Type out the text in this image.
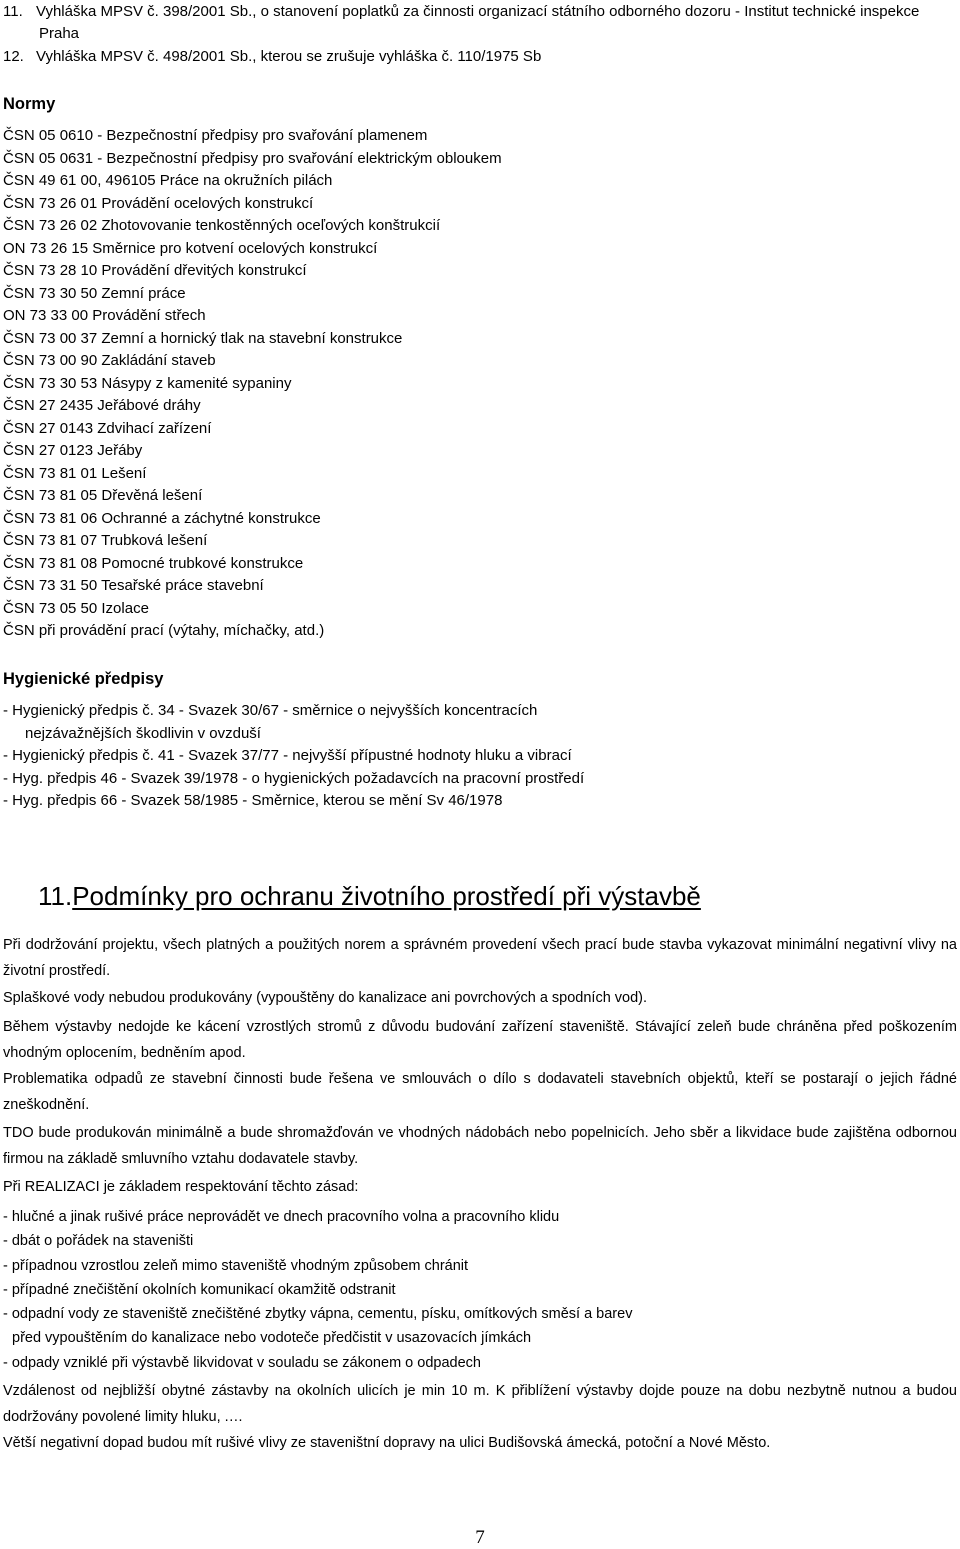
11. Vyhláška MPSV č. 398/2001 Sb., o stanovení poplatků za činnosti organizací státního odborného dozoru - Institut technické inspekce
Praha
12. Vyhláška MPSV č. 498/2001 Sb., kterou se zrušuje vyhláška č. 110/1975 Sb
Normy
ČSN 05 0610 - Bezpečnostní předpisy pro svařování plamenem
ČSN 05 0631 - Bezpečnostní předpisy pro svařování elektrickým obloukem
ČSN 49 61 00, 496105 Práce na okružních pilách
ČSN 73 26 01 Provádění ocelových konstrukcí
ČSN 73 26 02 Zhotovovanie tenkostěnných oceľových konštrukcií
ON 73 26 15 Směrnice pro kotvení ocelových konstrukcí
ČSN 73 28 10 Provádění dřevitých konstrukcí
ČSN 73 30 50 Zemní práce
ON 73 33 00 Provádění střech
ČSN 73 00 37 Zemní a hornický tlak na stavební konstrukce
ČSN 73 00 90 Zakládání staveb
ČSN 73 30 53 Násypy z kamenité sypaniny
ČSN 27 2435 Jeřábové dráhy
ČSN 27 0143 Zdvihací zařízení
ČSN 27 0123 Jeřáby
ČSN 73 81 01 Lešení
ČSN 73 81 05 Dřevěná lešení
ČSN 73 81 06 Ochranné a záchytné konstrukce
ČSN 73 81 07 Trubková lešení
ČSN 73 81 08 Pomocné trubkové konstrukce
ČSN 73 31 50 Tesařské práce stavební
ČSN 73 05 50 Izolace
ČSN při provádění prací (výtahy, míchačky, atd.)
Hygienické předpisy
- Hygienický předpis č. 34 - Svazek 30/67 - směrnice o nejvyšších koncentracích
nejzávažnějších škodlivin v ovzduší
- Hygienický předpis č. 41 - Svazek 37/77 - nejvyšší přípustné hodnoty hluku a vibrací
- Hyg. předpis 46 - Svazek 39/1978 - o hygienických požadavcích na pracovní prostředí
- Hyg. předpis 66 - Svazek 58/1985 - Směrnice, kterou se mění Sv 46/1978
11.Podmínky pro ochranu životního prostředí při výstavbě
Při dodržování projektu, všech platných a použitých norem a správném provedení všech prací bude stavba vykazovat minimální negativní vlivy na životní prostředí.
Splaškové vody nebudou produkovány (vypouštěny do kanalizace ani povrchových a spodních vod).
Během výstavby nedojde ke kácení vzrostlých stromů z důvodu budování zařízení staveniště. Stávající zeleň bude chráněna před poškozením vhodným oplocením, bedněním apod.
Problematika odpadů ze stavební činnosti bude řešena ve smlouvách o dílo s dodavateli stavebních objektů, kteří se postarají o jejich řádné zneškodnění.
TDO bude produkován minimálně a bude shromažďován ve vhodných nádobách nebo popelnicích. Jeho sběr a likvidace bude zajištěna odbornou firmou na základě smluvního vztahu dodavatele stavby.
Při REALIZACI je základem respektování těchto zásad:
- hlučné a jinak rušivé práce neprovádět ve dnech pracovního volna a pracovního klidu
- dbát o pořádek na staveništi
- případnou vzrostlou zeleň mimo staveniště vhodným způsobem chránit
- případné znečištění okolních komunikací okamžitě odstranit
- odpadní vody ze staveniště znečištěné zbytky vápna, cementu, písku, omítkových směsí a barev
před vypouštěním do kanalizace nebo vodoteče předčistit v usazovacích jímkách
- odpady vzniklé při výstavbě likvidovat v souladu se zákonem o odpadech
Vzdálenost od nejbližší obytné zástavby na okolních ulicích je min 10 m. K přiblížení výstavby dojde pouze na dobu nezbytně nutnou a budou dodržovány povolené limity hluku, .…
Větší negativní dopad budou mít rušivé vlivy ze staveništní dopravy na ulici Budišovská ámecká, potoční a Nové Město.
7
